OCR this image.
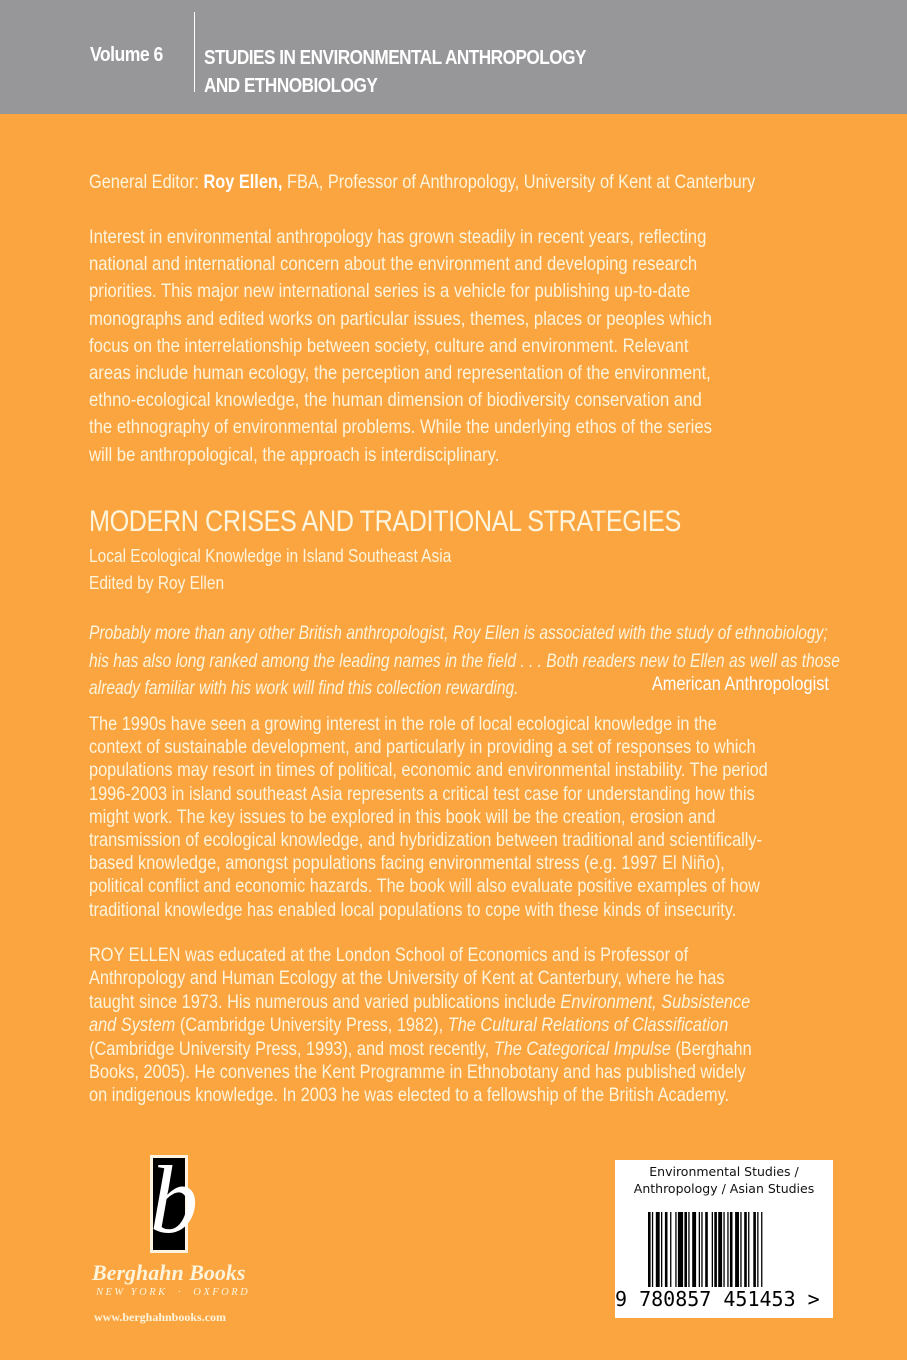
Volume 6 STUDIES IN ENVIRONMENTAL ANTHROPOLOGY
AND ETHNOBIOLOGY
General Editor: Roy Ellen, FBA, Professor of Anthropology, University of Kent at Canterbury
Interest in environmental anthropology has grown steadily in recent years, reflecting
national and international concern about the environment and developing research
priorities. This major new international series is a vehicle for publishing up-to-date
monographs and edited works on particular issues, themes, places or peoples which
focus on the interrelationship between society, culture and environment. Relevant
areas include human ecology, the perception and representation of the environment,
ethno-ecological knowledge, the human dimension of biodiversity conservation and
the ethnography of environmental problems. While the underlying ethos of the series
will be anthropological, the approach is interdisciplinary.
MODERN CRISES AND TRADITIONAL STRATEGIES
Local Ecological Knowledge in Island Southeast Asia
Edited by Roy Ellen
Probably more than any other British anthropologist, Roy Ellen is associated with the study of ethnobiology;
his has also long ranked among the leading names in the field . . . Both readers new to Ellen as well as those
already familiar with his work will find this collection rewarding.	American Anthropologist
The 1990s have seen a growing interest in the role of local ecological knowledge in the
context of sustainable development, and particularly in providing a set of responses to which
populations may resort in times of political, economic and environmental instability. The period
1996-2003 in island southeast Asia represents a critical test case for understanding how this
might work. The key issues to be explored in this book will be the creation, erosion and
transmission of ecological knowledge, and hybridization between traditional and scientifically-
based knowledge, amongst populations facing environmental stress (e.g. 1997 El Niño),
political conflict and economic hazards. The book will also evaluate positive examples of how
traditional knowledge has enabled local populations to cope with these kinds of insecurity.
ROY ELLEN was educated at the London School of Economics and is Professor of
Anthropology and Human Ecology at the University of Kent at Canterbury, where he has
taught since 1973. His numerous and varied publications include Environment, Subsistence
and System (Cambridge University Press, 1982), The Cultural Relations of Classification
(Cambridge University Press, 1993), and most recently, The Categorical Impulse (Berghahn
Books, 2005). He convenes the Kent Programme in Ethnobotany and has published widely
on indigenous knowledge. In 2003 he was elected to a fellowship of the British Academy.
b
Berghahn Books
NEW YORK  ·  OXFORD
www.berghahnbooks.com
Environmental Studies /
Anthropology / Asian Studies
9 780857 451453 >
